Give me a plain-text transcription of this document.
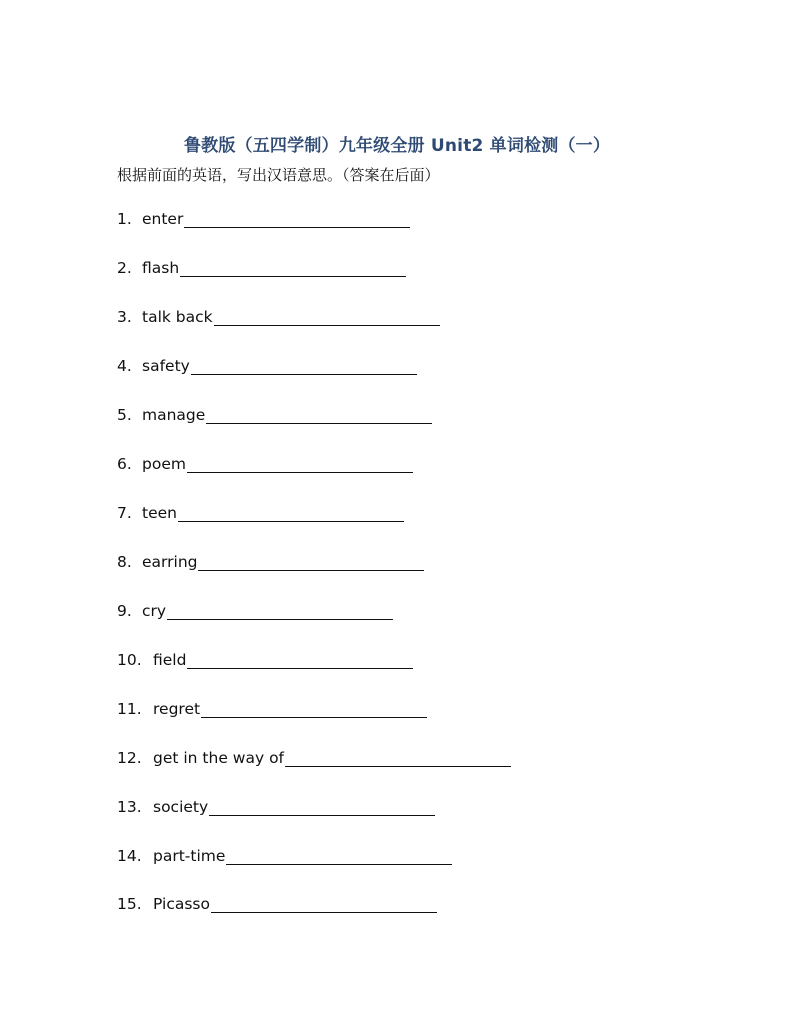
鲁教版（五四学制）九年级全册 Unit2 单词检测（一）
根据前面的英语，写出汉语意思。（答案在后面）
1. enter
2. flash
3. talk back
4. safety
5. manage
6. poem
7. teen
8. earring
9. cry
10. field
11. regret
12. get in the way of
13. society
14. part-time
15. Picasso
